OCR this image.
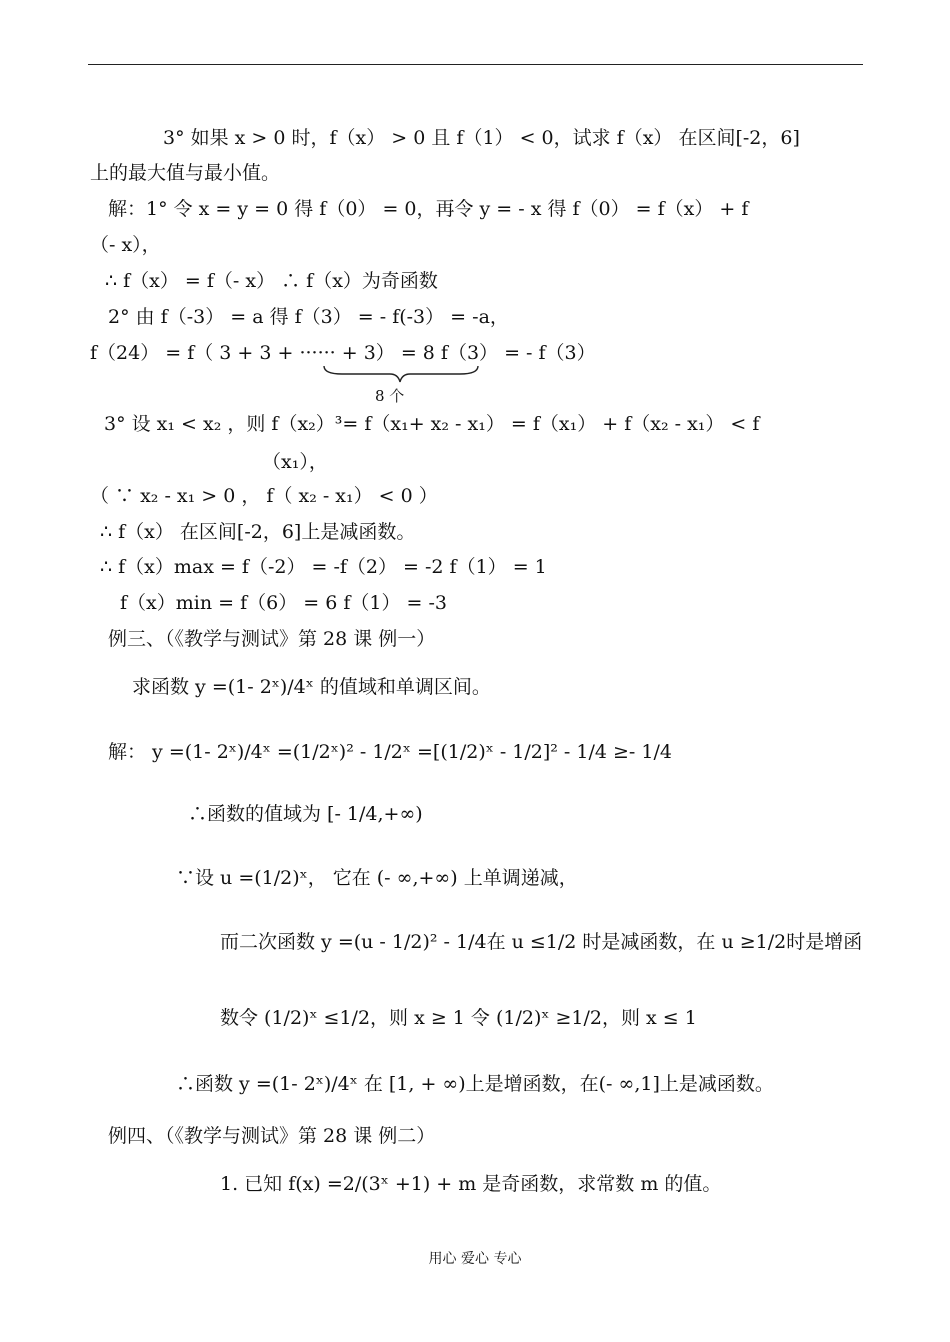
3° 如果 x > 0 时，f（x） > 0 且 f（1） < 0，试求 f（x） 在区间[-2，6]
上的最大值与最小值。
解：1° 令 x = y = 0 得 f（0） = 0，再令 y = - x 得 f（0） = f（x） + f
（- x），
∴ f（x） = f（- x） ∴ f（x）为奇函数
2° 由 f（-3） = a 得 f（3） = - f(-3） = -a，
f（24） = f（ 3 + 3 + ······ + 3） = 8 f（3） = - f（3）
8 个
3° 设 x₁ < x₂ ，则 f（x₂）³= f（x₁+ x₂ - x₁） = f（x₁） + f（x₂ - x₁） < f
（x₁），
（ ∵ x₂ - x₁ > 0 ， f（ x₂ - x₁） < 0 ）
∴ f（x） 在区间[-2，6]上是减函数。
∴ f（x）max = f（-2） = -f（2） = -2 f（1） = 1
f（x）min = f（6） = 6 f（1） = -3
例三、（《教学与测试》第 28 课 例一）
求函数 y =(1- 2ˣ)/4ˣ 的值域和单调区间。
解： y =(1- 2ˣ)/4ˣ =(1/2ˣ)² - 1/2ˣ =[(1/2)ˣ - 1/2]² - 1/4 ≥- 1/4
∴函数的值域为 [- 1/4,+∞)
∵设 u =(1/2)ˣ， 它在 (- ∞,+∞) 上单调递减，
而二次函数 y =(u - 1/2)² - 1/4在 u ≤1/2 时是减函数，在 u ≥1/2时是增函
数令 (1/2)ˣ ≤1/2，则 x ≥ 1 令 (1/2)ˣ ≥1/2，则 x ≤ 1
∴函数 y =(1- 2ˣ)/4ˣ 在 [1, + ∞)上是增函数，在(- ∞,1]上是减函数。
例四、（《教学与测试》第 28 课 例二）
1. 已知 f(x) =2/(3ˣ +1) + m 是奇函数，求常数 m 的值。
用心 爱心 专心
